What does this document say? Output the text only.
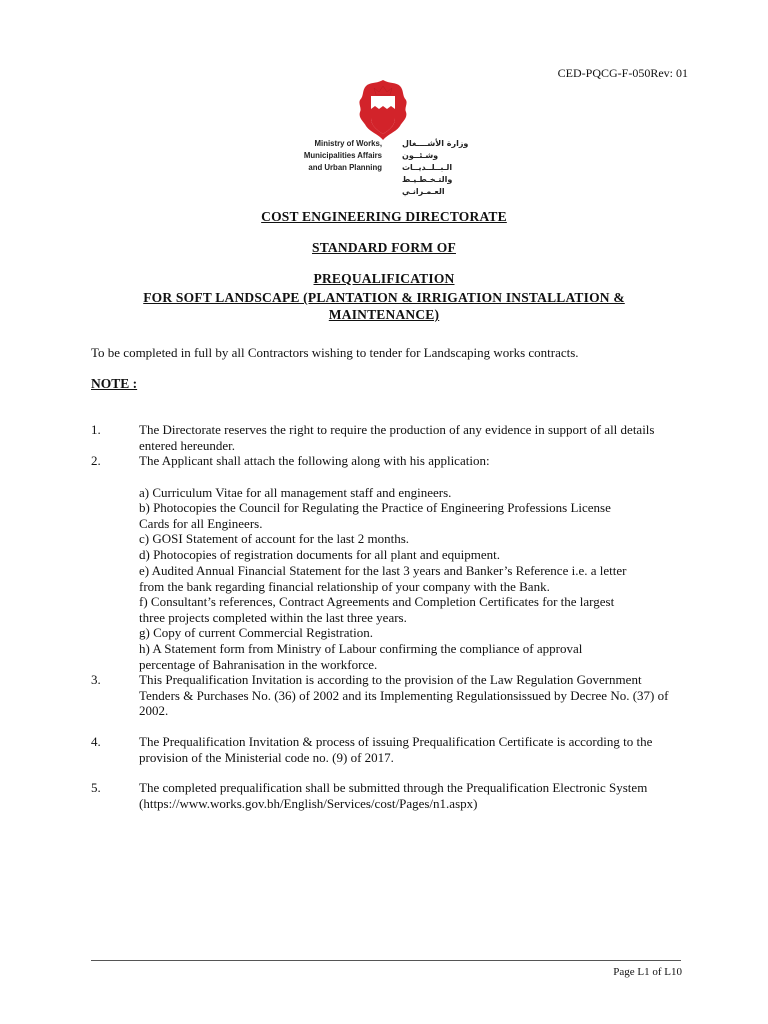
CED-PQCG-F-050Rev: 01
Ministry of Works,
Municipalities Affairs
and Urban Planning
وزارة الأشــــغال
وشـئــون الـبــلــديــات
والتـخـطـيـط العـمـرانـي
COST ENGINEERING DIRECTORATE
STANDARD FORM OF
PREQUALIFICATION
FOR SOFT LANDSCAPE (PLANTATION & IRRIGATION INSTALLATION &
MAINTENANCE)
To be completed in full by all Contractors wishing to tender for Landscaping works contracts.
NOTE :
1.	The Directorate reserves the right to require the production of any evidence in support of all details entered hereunder.
2.	The Applicant shall attach the following along with his application:
a) Curriculum Vitae for all management staff and engineers.
b) Photocopies the Council for Regulating the Practice of Engineering Professions License Cards for all Engineers.
c) GOSI Statement of account for the last 2 months.
d) Photocopies of registration documents for all plant and equipment.
e) Audited Annual Financial Statement for the last 3 years and Banker’s Reference i.e. a letter from the bank regarding financial relationship of your company with the Bank.
f) Consultant’s references, Contract Agreements and Completion Certificates for the largest three projects completed within the last three years.
g) Copy of current Commercial Registration.
h) A Statement form from Ministry of Labour confirming the compliance of approval percentage of Bahranisation in the workforce.
3.	This Prequalification Invitation is according to the provision of the Law Regulation Government Tenders & Purchases No. (36) of 2002 and its Implementing Regulationsissued by Decree No. (37) of 2002.
4.	The Prequalification Invitation & process of issuing Prequalification Certificate is according to the provision of the Ministerial code no. (9) of 2017.
5.	The completed prequalification shall be submitted through the Prequalification Electronic System (https://www.works.gov.bh/English/Services/cost/Pages/n1.aspx)
Page L1 of L10
